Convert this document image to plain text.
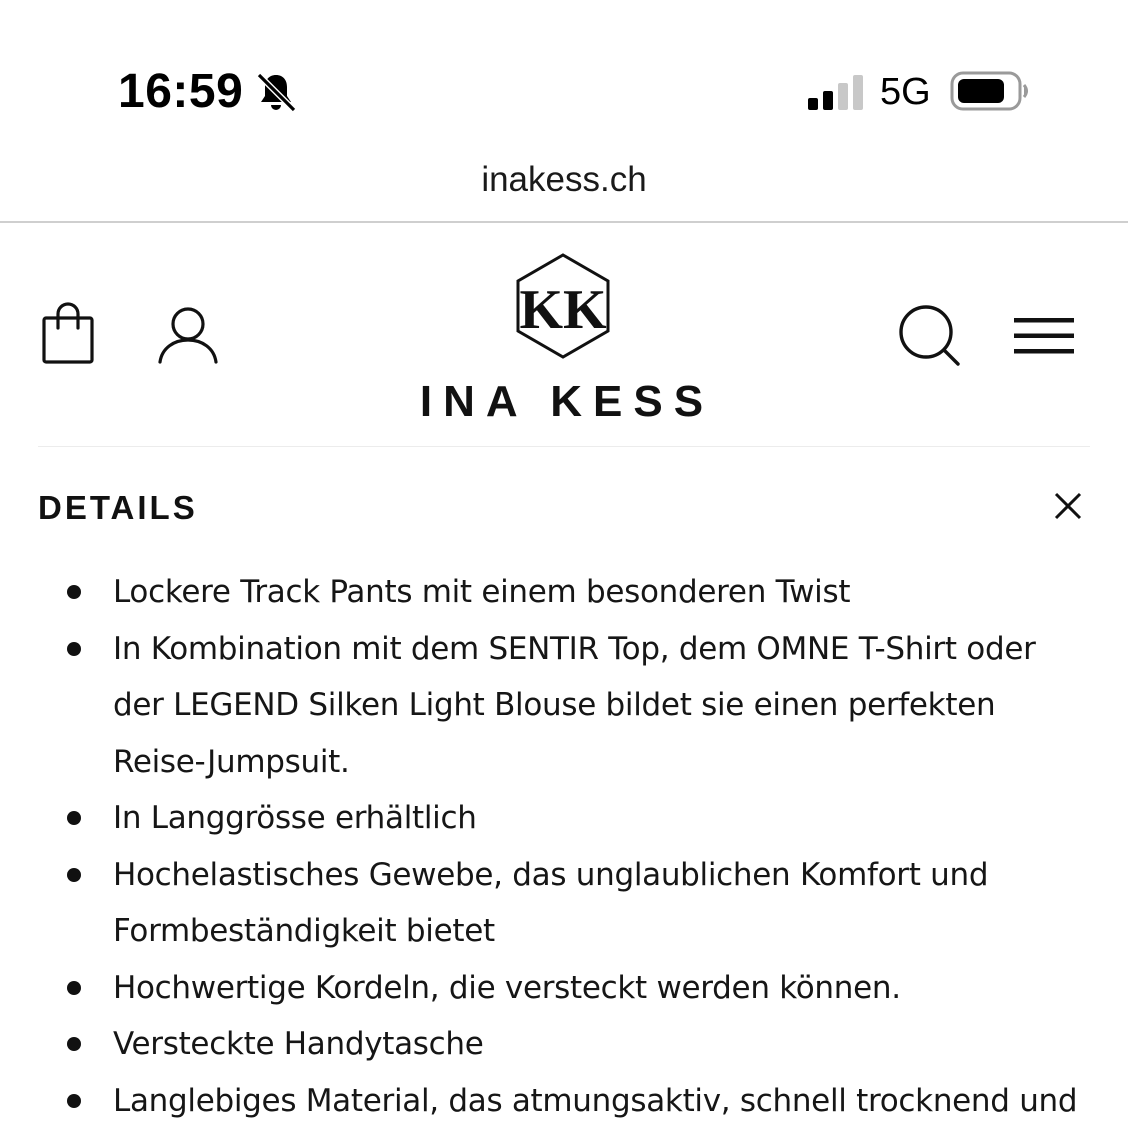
16:59	5G
inakess.ch
KK
INA KESS
DETAILS
Lockere Track Pants mit einem besonderen Twist
In Kombination mit dem SENTIR Top, dem OMNE T-Shirt oder der LEGEND Silken Light Blouse bildet sie einen perfekten Reise-Jumpsuit.
In Langgrösse erhältlich
Hochelastisches Gewebe, das unglaublichen Komfort und Formbeständigkeit bietet
Hochwertige Kordeln, die versteckt werden können.
Versteckte Handytasche
Langlebiges Material, das atmungsaktiv, schnell trocknend und
